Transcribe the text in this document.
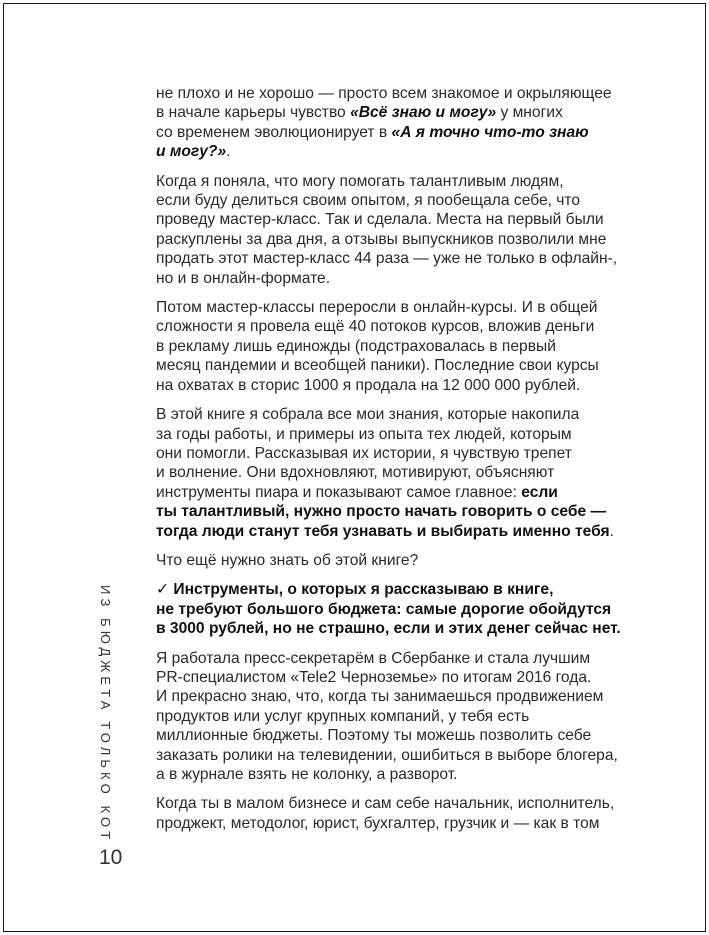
ИЗ БЮДЖЕТА ТОЛЬКО КОТ
10
не плохо и не хорошо — просто всем знакомое и окрыляющее
в начале карьеры чувство «Всё знаю и могу» у многих
со временем эволюционирует в «А я точно что-то знаю
и могу?».
Когда я поняла, что могу помогать талантливым людям,
если буду делиться своим опытом, я пообещала себе, что
проведу мастер-класс. Так и сделала. Места на первый были
раскуплены за два дня, а отзывы выпускников позволили мне
продать этот мастер-класс 44 раза — уже не только в офлайн-,
но и в онлайн-формате.
Потом мастер-классы переросли в онлайн-курсы. И в общей
сложности я провела ещё 40 потоков курсов, вложив деньги
в рекламу лишь единожды (подстраховалась в первый
месяц пандемии и всеобщей паники). Последние свои курсы
на охватах в сторис 1000 я продала на 12 000 000 рублей.
В этой книге я собрала все мои знания, которые накопила
за годы работы, и примеры из опыта тех людей, которым
они помогли. Рассказывая их истории, я чувствую трепет
и волнение. Они вдохновляют, мотивируют, объясняют
инструменты пиара и показывают самое главное: если
ты талантливый, нужно просто начать говорить о себе —
тогда люди станут тебя узнавать и выбирать именно тебя.
Что ещё нужно знать об этой книге?
✓ Инструменты, о которых я рассказываю в книге,
не требуют большого бюджета: самые дорогие обойдутся
в 3000 рублей, но не страшно, если и этих денег сейчас нет.
Я работала пресс-секретарём в Сбербанке и стала лучшим
PR-специалистом «Tele2 Черноземье» по итогам 2016 года.
И прекрасно знаю, что, когда ты занимаешься продвижением
продуктов или услуг крупных компаний, у тебя есть
миллионные бюджеты. Поэтому ты можешь позволить себе
заказать ролики на телевидении, ошибиться в выборе блогера,
а в журнале взять не колонку, а разворот.
Когда ты в малом бизнесе и сам себе начальник, исполнитель,
проджект, методолог, юрист, бухгалтер, грузчик и — как в том
